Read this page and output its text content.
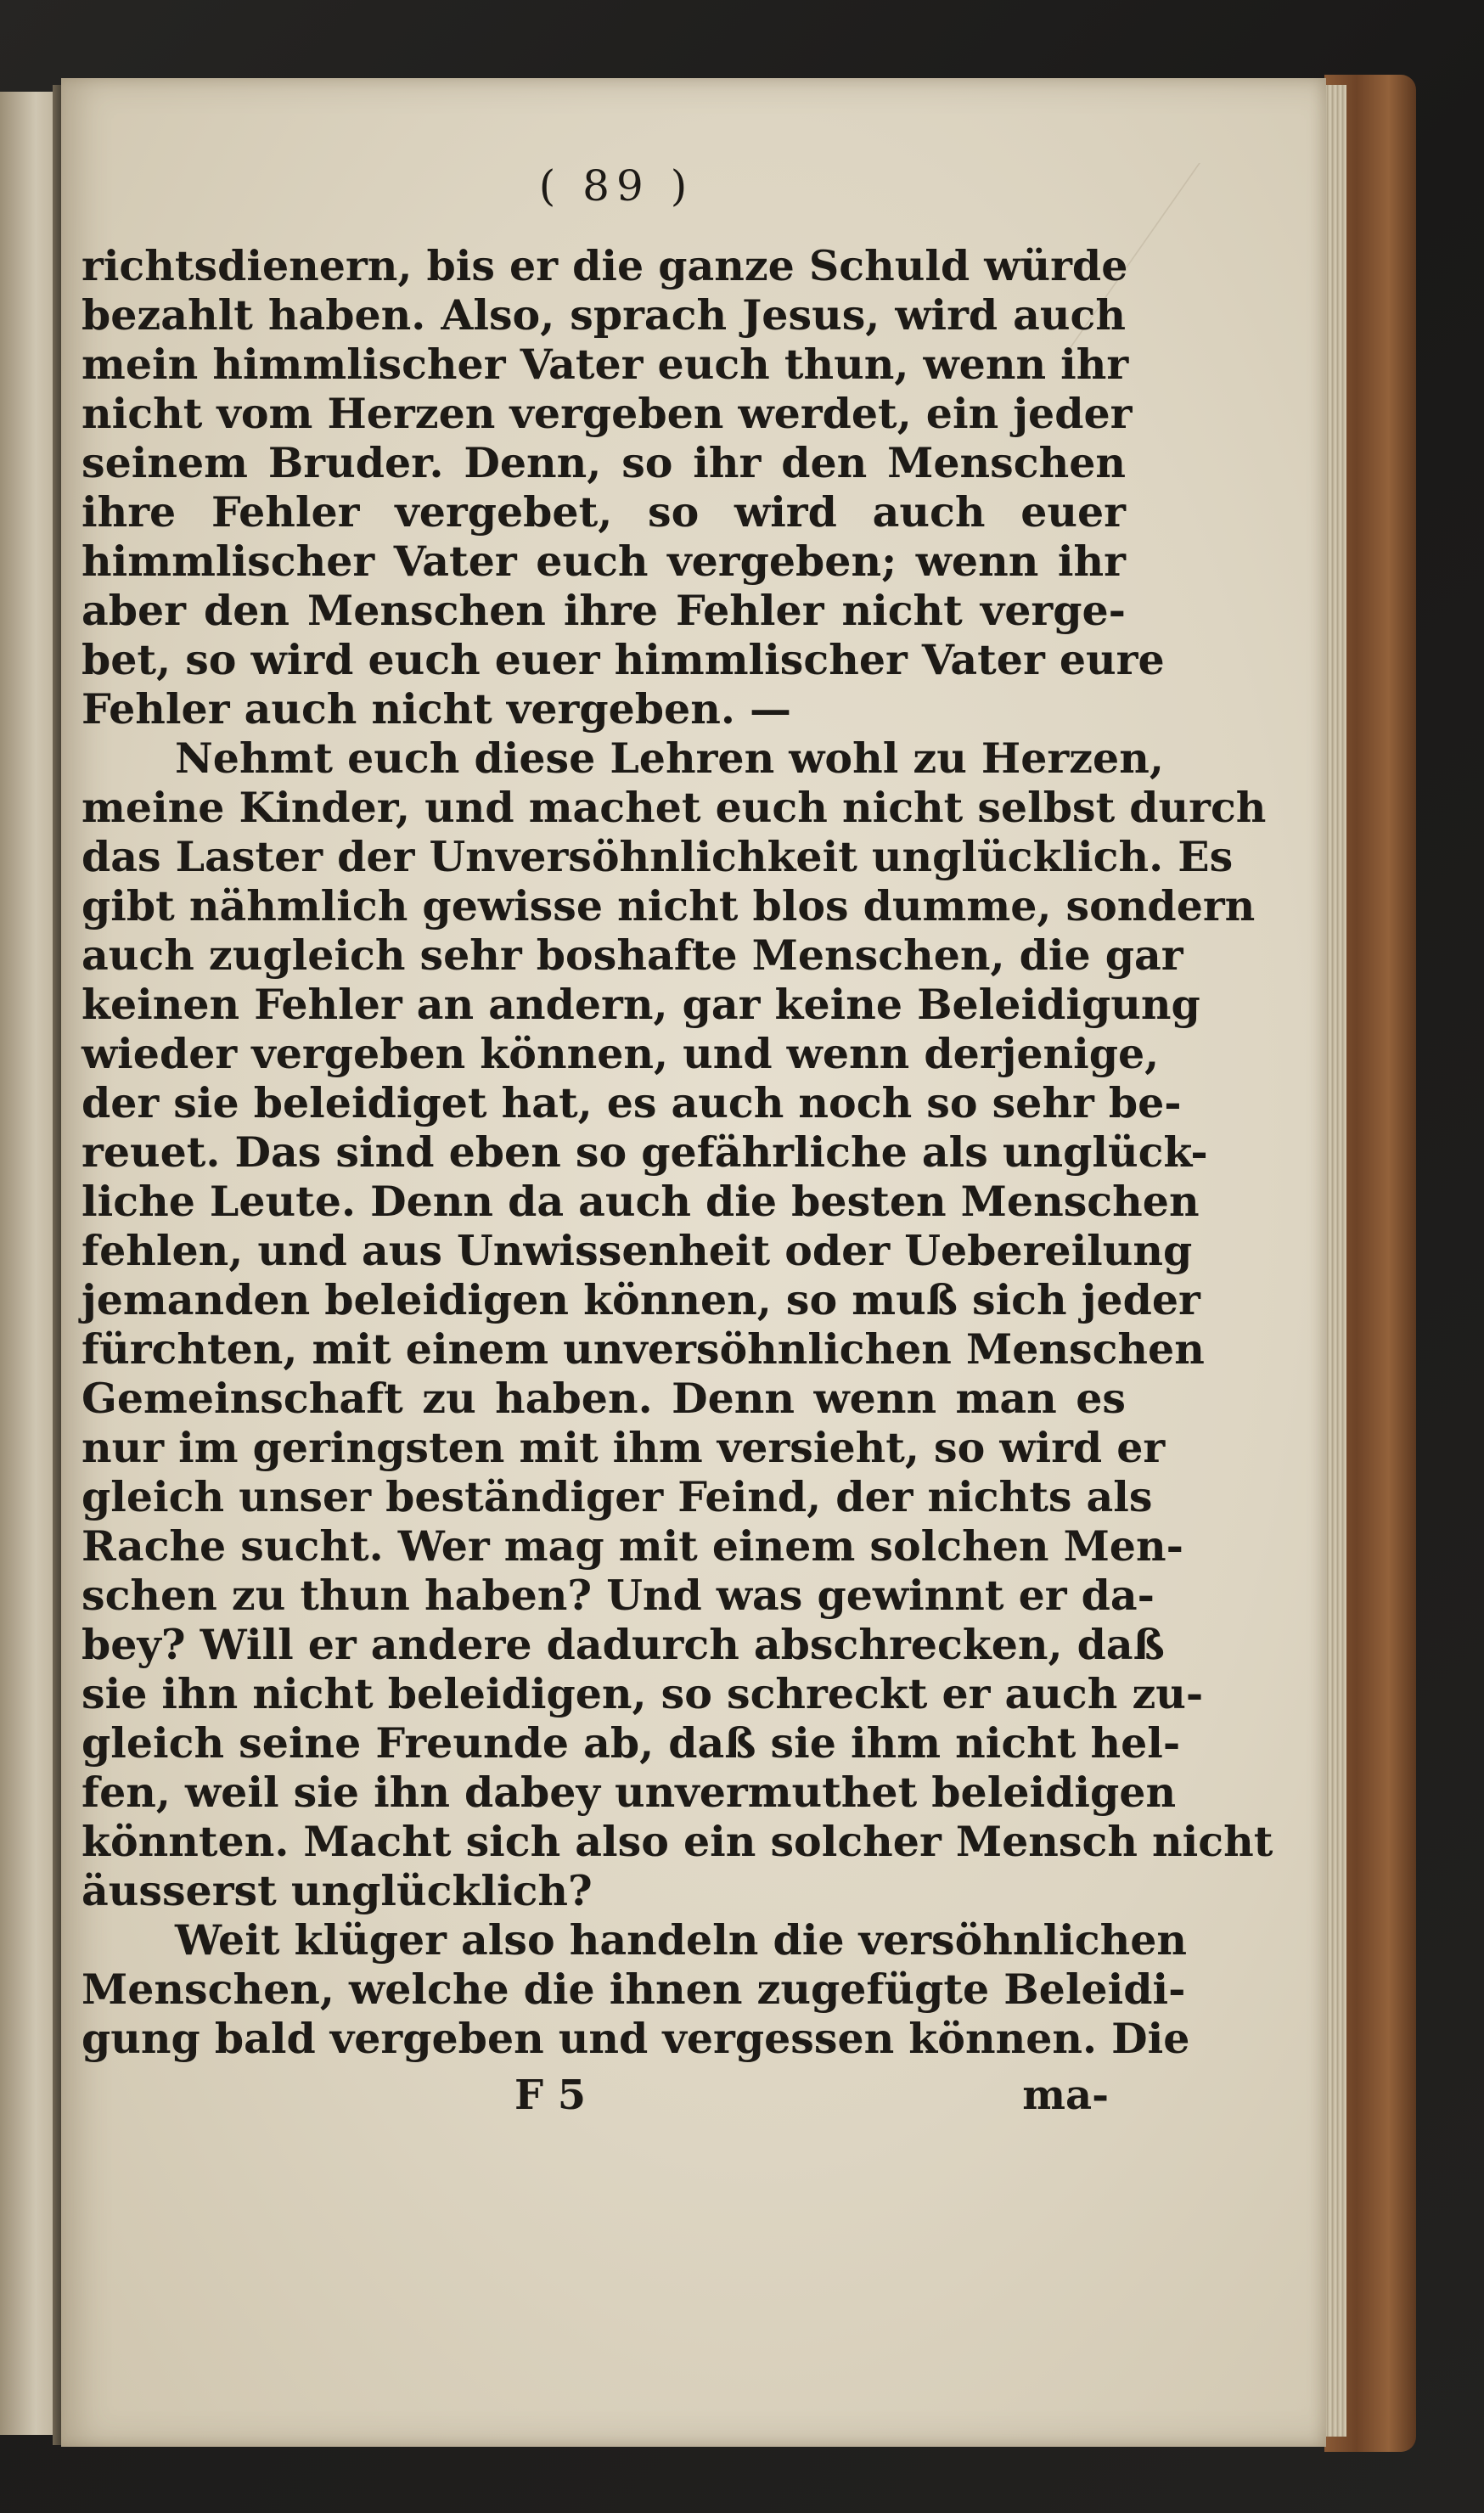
( 89 )
richtsdienern, bis er die ganze Schuld würde
bezahlt haben. Also, sprach Jesus, wird auch
mein himmlischer Vater euch thun, wenn ihr
nicht vom Herzen vergeben werdet, ein jeder
seinem Bruder. Denn, so ihr den Menschen
ihre Fehler vergebet, so wird auch euer
himmlischer Vater euch vergeben; wenn ihr
aber den Menschen ihre Fehler nicht verge-
bet, so wird euch euer himmlischer Vater eure
Fehler auch nicht vergeben. —
Nehmt euch diese Lehren wohl zu Herzen,
meine Kinder, und machet euch nicht selbst durch
das Laster der Unversöhnlichkeit unglücklich. Es
gibt nähmlich gewisse nicht blos dumme, sondern
auch zugleich sehr boshafte Menschen, die gar
keinen Fehler an andern, gar keine Beleidigung
wieder vergeben können, und wenn derjenige,
der sie beleidiget hat, es auch noch so sehr be-
reuet. Das sind eben so gefährliche als unglück-
liche Leute. Denn da auch die besten Menschen
fehlen, und aus Unwissenheit oder Uebereilung
jemanden beleidigen können, so muß sich jeder
fürchten, mit einem unversöhnlichen Menschen
Gemeinschaft zu haben. Denn wenn man es
nur im geringsten mit ihm versieht, so wird er
gleich unser beständiger Feind, der nichts als
Rache sucht. Wer mag mit einem solchen Men-
schen zu thun haben? Und was gewinnt er da-
bey? Will er andere dadurch abschrecken, daß
sie ihn nicht beleidigen, so schreckt er auch zu-
gleich seine Freunde ab, daß sie ihm nicht hel-
fen, weil sie ihn dabey unvermuthet beleidigen
könnten. Macht sich also ein solcher Mensch nicht
äusserst unglücklich?
Weit klüger also handeln die versöhnlichen
Menschen, welche die ihnen zugefügte Beleidi-
gung bald vergeben und vergessen können. Die
F 5	ma-
